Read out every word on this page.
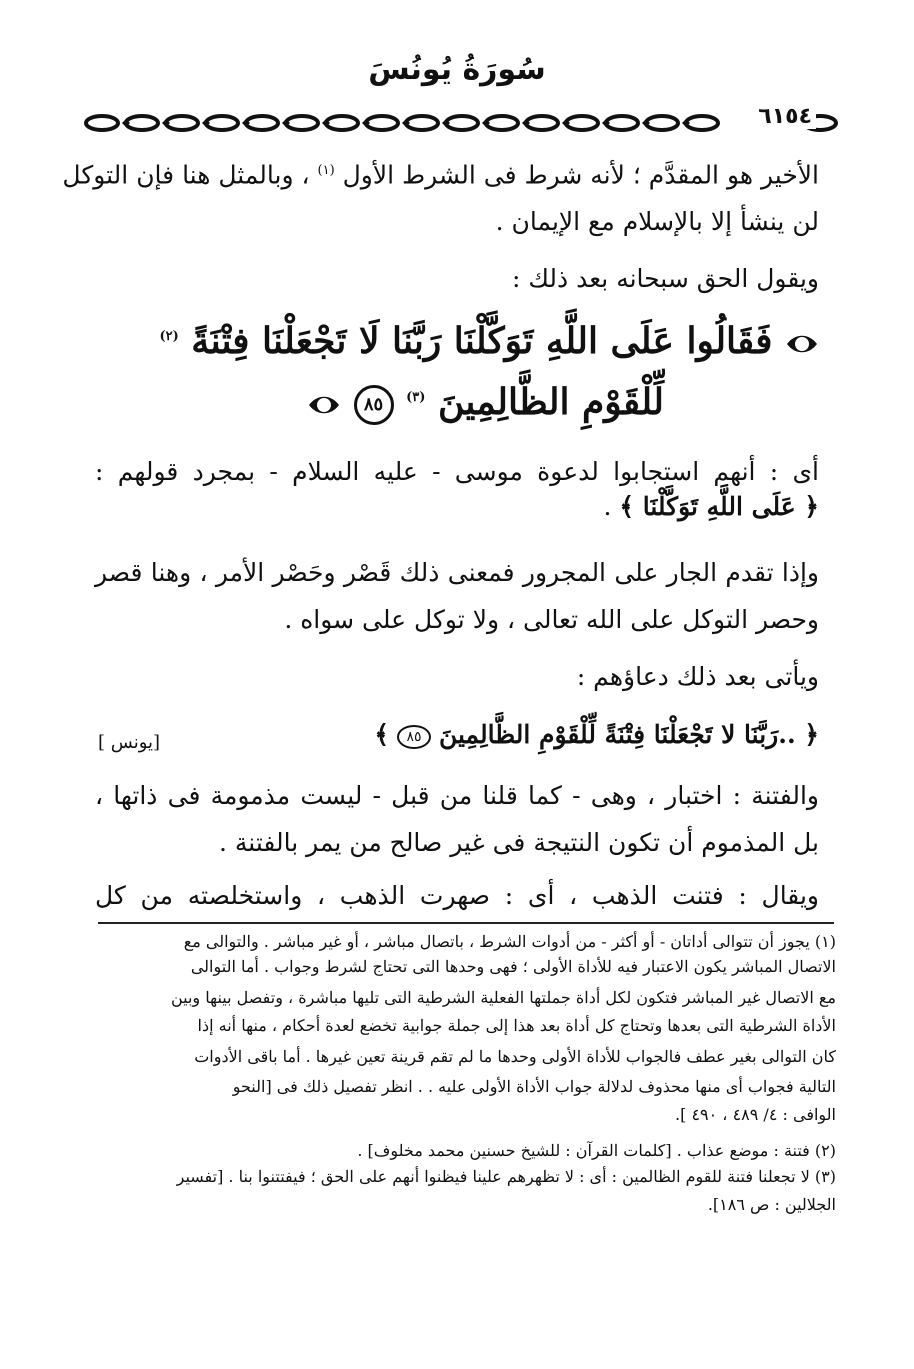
سُورَةُ يُونُسَ
٦١٥٤
الأخير هو المقدَّم ؛ لأنه شرط فى الشرط الأول $^{(١)}$ ، وبالمثل هنا فإن التوكل
لن ينشأ إلا بالإسلام مع الإيمان .
ويقول الحق سبحانه بعد ذلك :
فَقَالُوا عَلَى اللَّهِ تَوَكَّلْنَا رَبَّنَا لَا تَجْعَلْنَا فِتْنَةً $^{(٢)}$
لِّلْقَوْمِ الظَّالِمِينَ $^{(٣)}$ ٨٥
أى : أنهم استجابوا لدعوة موسى - عليه السلام - بمجرد قولهم :
﴿ عَلَى اللَّهِ تَوَكَّلْنَا ﴾ .
وإذا تقدم الجار على المجرور فمعنى ذلك قَصْر وحَصْر الأمر ، وهنا قصر
وحصر التوكل على الله تعالى ، ولا توكل على سواه .
ويأتى بعد ذلك دعاؤهم :
﴿ ..رَبَّنَا لا تَجْعَلْنَا فِتْنَةً لِّلْقَوْمِ الظَّالِمِينَ ٨٥ ﴾
[يونس ]
والفتنة : اختبار ، وهى - كما قلنا من قبل - ليست مذمومة فى ذاتها ،
بل المذموم أن تكون النتيجة فى غير صالح من يمر بالفتنة .
ويقال : فتنت الذهب ، أى : صهرت الذهب ، واستخلصته من كل
(١) يجوز أن تتوالى أداتان - أو أكثر - من أدوات الشرط ، باتصال مباشر ، أو غير مباشر . والتوالى مع
الاتصال المباشر يكون الاعتبار فيه للأداة الأولى ؛ فهى وحدها التى تحتاج لشرط وجواب . أما التوالى
مع الاتصال غير المباشر فتكون لكل أداة جملتها الفعلية الشرطية التى تليها مباشرة ، وتفصل بينها وبين
الأداة الشرطية التى بعدها وتحتاج كل أداة بعد هذا إلى جملة جوابية تخضع لعدة أحكام ، منها أنه إذا
كان التوالى بغير عطف فالجواب للأداة الأولى وحدها ما لم تقم قرينة تعين غيرها . أما باقى الأدوات
التالية فجواب أى منها محذوف لدلالة جواب الأداة الأولى عليه . . انظر تفصيل ذلك فى [النحو
الوافى : ٤/ ٤٨٩ ، ٤٩٠ ].
(٢) فتنة : موضع عذاب . [كلمات القرآن : للشيخ حسنين محمد مخلوف] .
(٣) لا تجعلنا فتنة للقوم الظالمين : أى : لا تظهرهم علينا فيظنوا أنهم على الحق ؛ فيفتتنوا بنا . [تفسير
الجلالين : ص ١٨٦].
